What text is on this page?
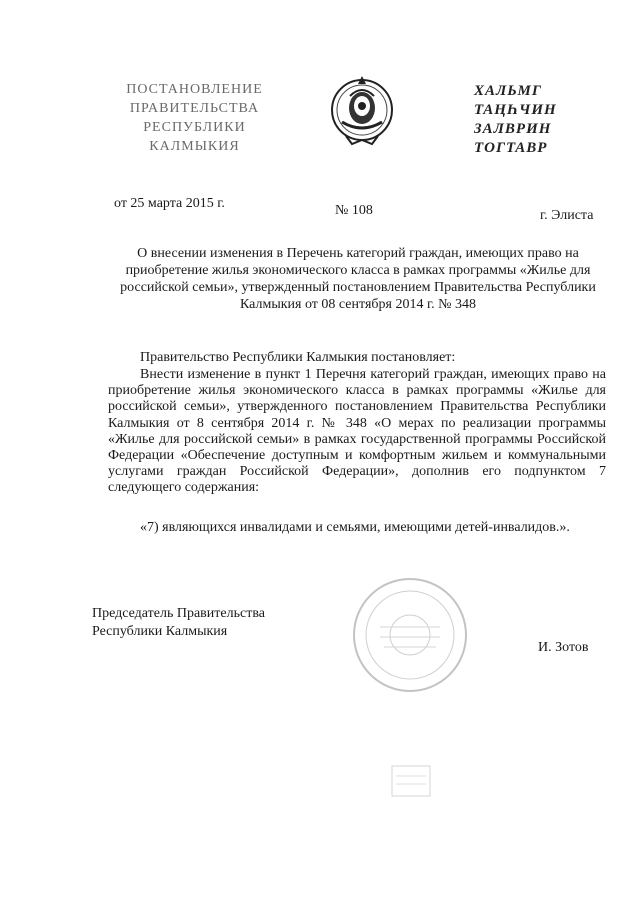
ПОСТАНОВЛЕНИЕ
ПРАВИТЕЛЬСТВА
РЕСПУБЛИКИ
КАЛМЫКИЯ
ХАЛЬМГ
ТАҢҺЧИН
ЗАЛВРИН
ТОГТАВР
от 25 марта 2015 г.	№ 108	г. Элиста
О внесении изменения в Перечень категорий граждан, имеющих право на приобретение жилья экономического класса в рамках программы «Жилье для российской семьи», утвержденный постановлением Правительства Республики Калмыкия от 08 сентября 2014 г. № 348
Правительство Республики Калмыкия постановляет:
Внести изменение в пункт 1 Перечня категорий граждан, имеющих право на приобретение жилья экономического класса в рамках программы «Жилье для российской семьи», утвержденного постановлением Правительства Республики Калмыкия от 8 сентября 2014 г. № 348 «О мерах по реализации программы «Жилье для российской семьи» в рамках государственной программы Российской Федерации «Обеспечение доступным и комфортным жильем и коммунальными услугами граждан Российской Федерации», дополнив его подпунктом 7 следующего содержания:
«7) являющихся инвалидами и семьями, имеющими детей-инвалидов.».
Председатель Правительства
Республики Калмыкия
И. Зотов
